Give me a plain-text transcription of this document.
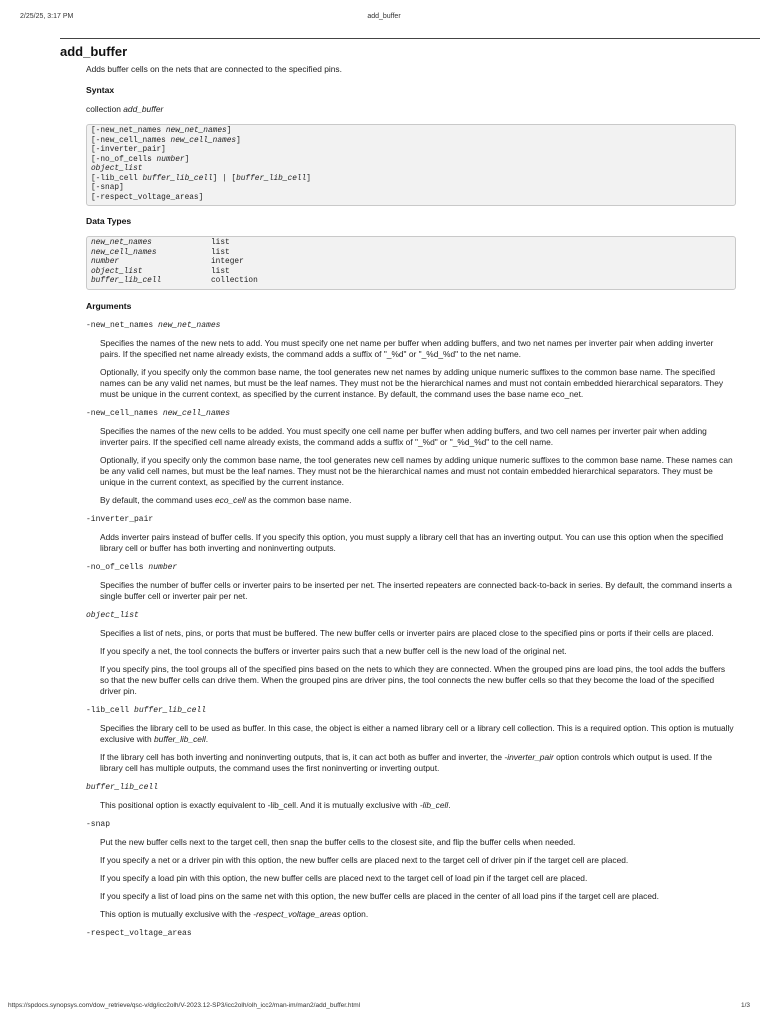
2/25/25, 3:17 PM	add_buffer
add_buffer

Adds buffer cells on the nets that are connected to the specified pins.

Syntax

collection add_buffer

[-new_net_names new_net_names ]
[-new_cell_names new_cell_names ]
[-inverter_pair]
[-no_of_cells number ]
object_list
[-lib_cell buffer_lib_cell ] | [ buffer_lib_cell ]
[-snap]
[-respect_voltage_areas]
Data Types
new_net_names	list
new_cell_names	list
number	integer
object_list	list
buffer_lib_cell	collection
Arguments
-new_net_names new_net_names

Specifies the names of the new nets to add. You must specify one net name per buffer when adding buffers, and two net names per inverter pair when adding inverter pairs. If the specified net name already exists, the command adds a suffix of "_%d" or "_%d_%d" to the net name.

Optionally, if you specify only the common base name, the tool generates new net names by adding unique numeric suffixes to the common base name. The specified names can be any valid net names, but must be the leaf names. They must not be the hierarchical names and must not contain embedded hierarchical separators. They must be unique in the current context, as specified by the current instance. By default, the command uses the base name eco_net.

-new_cell_names new_cell_names

Specifies the names of the new cells to be added. You must specify one cell name per buffer when adding buffers, and two cell names per inverter pair when adding inverter pairs. If the specified cell name already exists, the command adds a suffix of "_%d" or "_%d_%d" to the cell name.

Optionally, if you specify only the common base name, the tool generates new cell names by adding unique numeric suffixes to the common base name. These names can be any valid cell names, but must be the leaf names. They must not be the hierarchical names and must not contain embedded hierarchical separators. They must be unique in the current context, as specified by the current instance.

By default, the command uses eco_cell as the common base name.

-inverter_pair

Adds inverter pairs instead of buffer cells. If you specify this option, you must supply a library cell that has an inverting output. You can use this option when the specified library cell or buffer has both inverting and noninverting outputs.

-no_of_cells number

Specifies the number of buffer cells or inverter pairs to be inserted per net. The inserted repeaters are connected back-to-back in series. By default, the command inserts a single buffer cell or inverter pair per net.

object_list

Specifies a list of nets, pins, or ports that must be buffered. The new buffer cells or inverter pairs are placed close to the specified pins or ports if their cells are placed.

If you specify a net, the tool connects the buffers or inverter pairs such that a new buffer cell is the new load of the original net.

If you specify pins, the tool groups all of the specified pins based on the nets to which they are connected. When the grouped pins are load pins, the tool adds the buffers so that the new buffer cells can drive them. When the grouped pins are driver pins, the tool connects the new buffer cells so that they become the load of the specified driver pin.

-lib_cell buffer_lib_cell

Specifies the library cell to be used as buffer. In this case, the object is either a named library cell or a library cell collection. This is a required option. This option is mutually exclusive with buffer_lib_cell.

If the library cell has both inverting and noninverting outputs, that is, it can act both as buffer and inverter, the -inverter_pair option controls which output is used. If the library cell has multiple outputs, the command uses the first noninverting or inverting output.

buffer_lib_cell

This positional option is exactly equivalent to -lib_cell. And it is mutually exclusive with -lib_cell.

-snap

Put the new buffer cells next to the target cell, then snap the buffer cells to the closest site, and flip the buffer cells when needed.

If you specify a net or a driver pin with this option, the new buffer cells are placed next to the target cell of driver pin if the target cell are placed.

If you specify a load pin with this option, the new buffer cells are placed next to the target cell of load pin if the target cell are placed.

If you specify a list of load pins on the same net with this option, the new buffer cells are placed in the center of all load pins if the target cell are placed.

This option is mutually exclusive with the -respect_voltage_areas option.

-respect_voltage_areas
https://spdocs.synopsys.com/dow_retrieve/qsc-v/dg/icc2olh/V-2023.12-SP3/icc2olh/olh_icc2/man-im/man2/add_buffer.html	1/3
